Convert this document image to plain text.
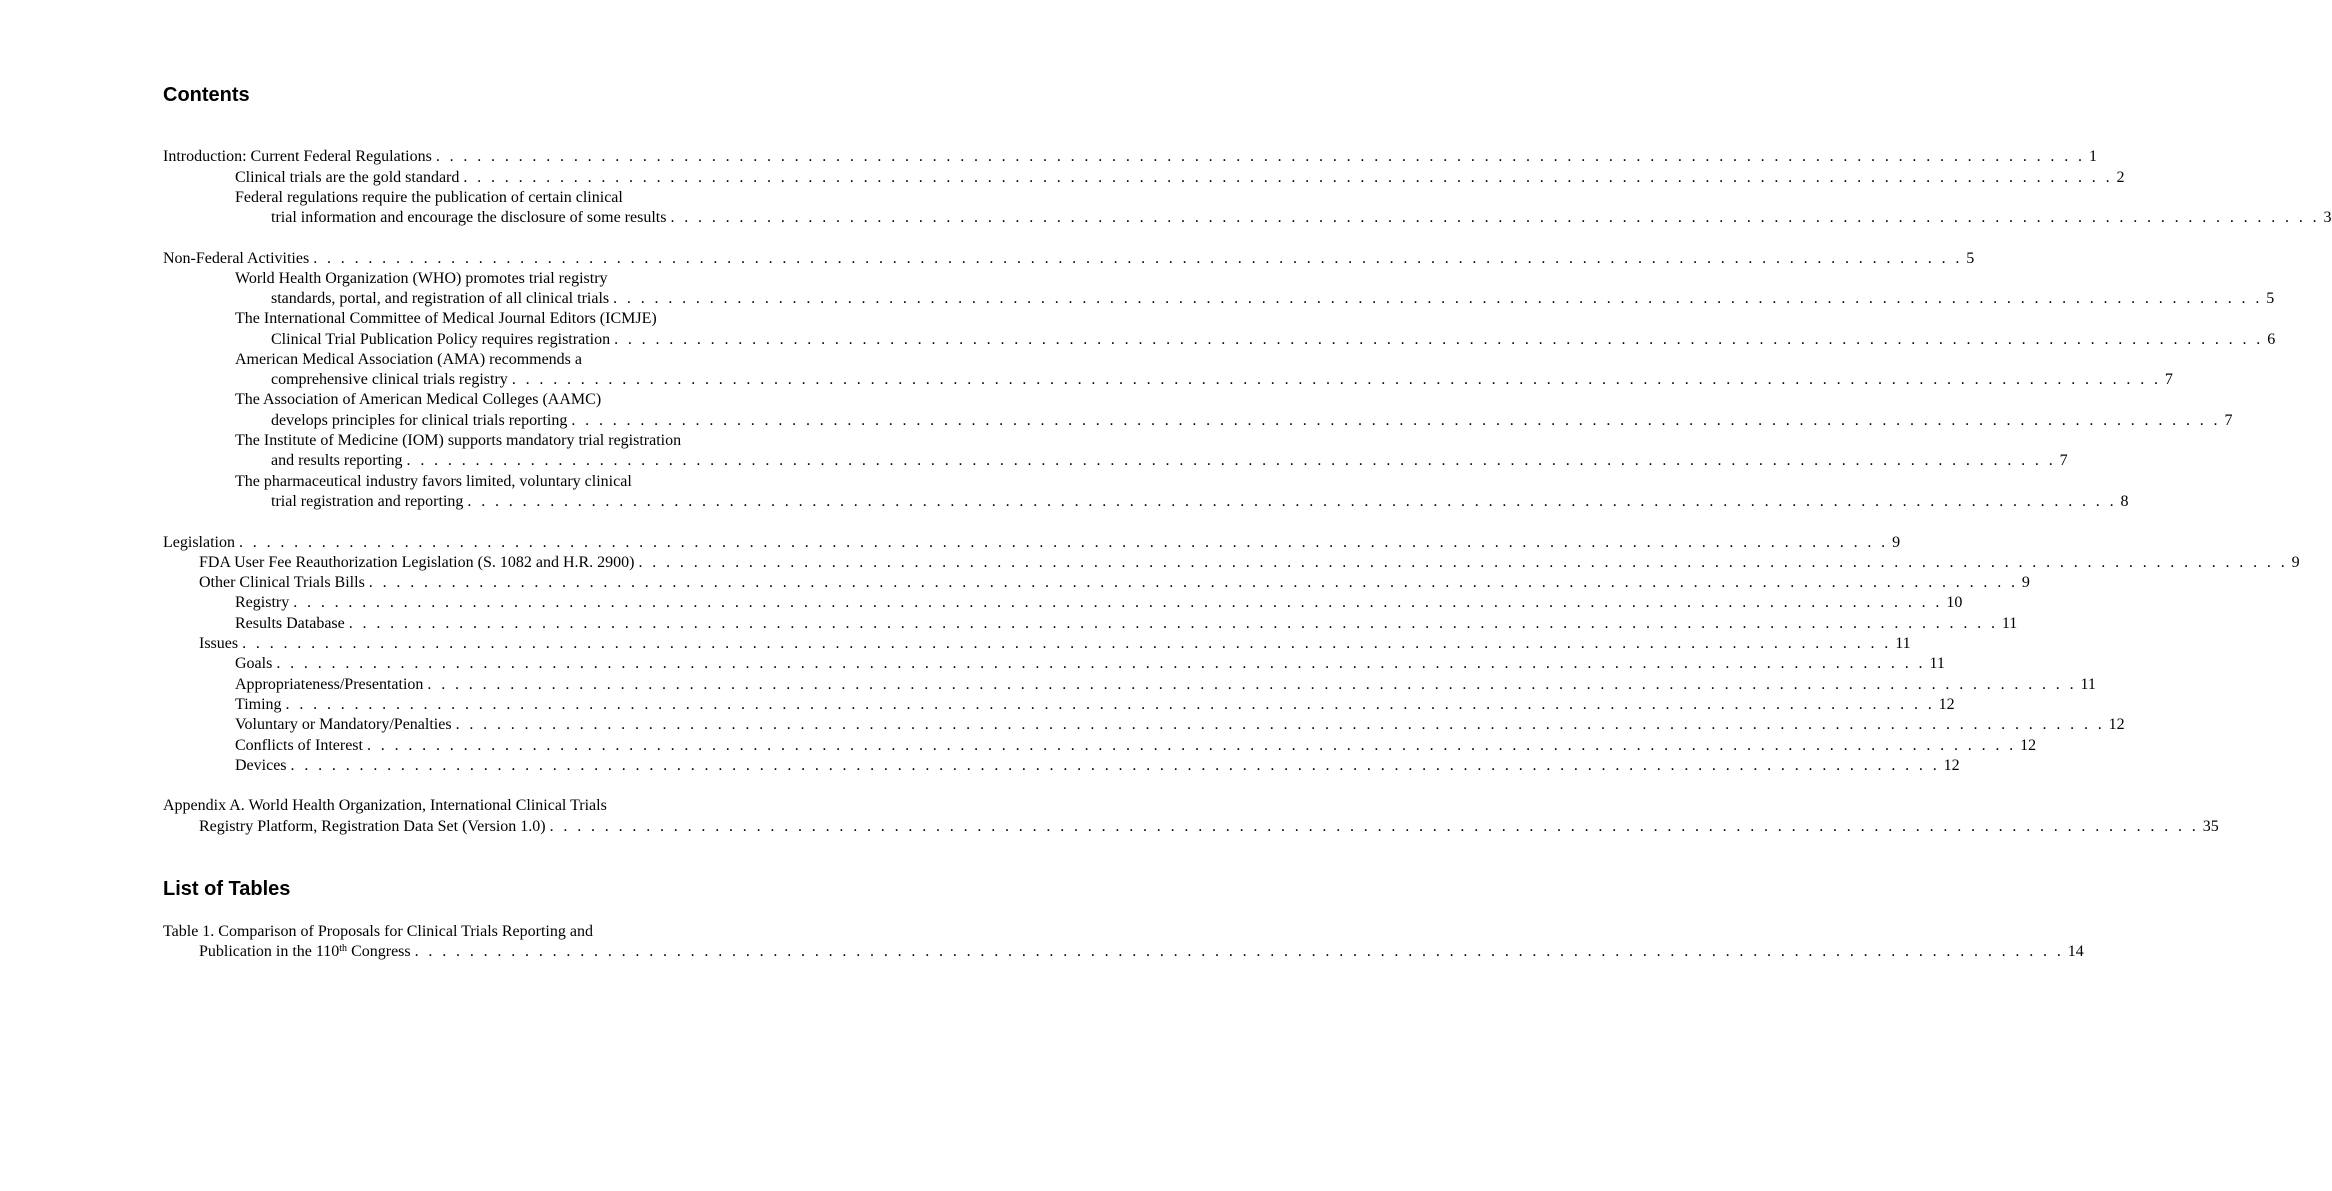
Contents
Introduction: Current Federal Regulations . . . . . . . . . . . . . . . . . . . . . . . . . . . . . . . . . . . . . . . . . . . . . . . . . . . . . . . . . . . . . . . . . . . . . . . . . . . . . . . . . . . . . . . . . . . . . . . . . . . . . . . . . . . . . . . . . . . . . . . . 1
Clinical trials are the gold standard . . . . . . . . . . . . . . . . . . . . . . . . . . . . . . . . . . . . . . . . . . . . . . . . . . . . . . . . . . . . . . . . . . . . . . . . . . . . . . . . . . . . . . . . . . . . . . . . . . . . . . . . . . . . . . . . . . . . . . . . 2
Federal regulations require the publication of certain clinical
trial information and encourage the disclosure of some results . . . . . . . . . . . . . . . . . . . . . . . . . . . . . . . . . . . . . . . . . . . . . . . . . . . . . . . . . . . . . . . . . . . . . . . . . . . . . . . . . . . . . . . . . . . . . . . . . . . . . . . . . . . . . . . . . . . . . . . . 3
Non-Federal Activities . . . . . . . . . . . . . . . . . . . . . . . . . . . . . . . . . . . . . . . . . . . . . . . . . . . . . . . . . . . . . . . . . . . . . . . . . . . . . . . . . . . . . . . . . . . . . . . . . . . . . . . . . . . . . . . . . . . . . . . . 5
World Health Organization (WHO) promotes trial registry
standards, portal, and registration of all clinical trials . . . . . . . . . . . . . . . . . . . . . . . . . . . . . . . . . . . . . . . . . . . . . . . . . . . . . . . . . . . . . . . . . . . . . . . . . . . . . . . . . . . . . . . . . . . . . . . . . . . . . . . . . . . . . . . . . . . . . . . . 5
The International Committee of Medical Journal Editors (ICMJE)
Clinical Trial Publication Policy requires registration . . . . . . . . . . . . . . . . . . . . . . . . . . . . . . . . . . . . . . . . . . . . . . . . . . . . . . . . . . . . . . . . . . . . . . . . . . . . . . . . . . . . . . . . . . . . . . . . . . . . . . . . . . . . . . . . . . . . . . . . 6
American Medical Association (AMA) recommends a
comprehensive clinical trials registry . . . . . . . . . . . . . . . . . . . . . . . . . . . . . . . . . . . . . . . . . . . . . . . . . . . . . . . . . . . . . . . . . . . . . . . . . . . . . . . . . . . . . . . . . . . . . . . . . . . . . . . . . . . . . . . . . . . . . . . . 7
The Association of American Medical Colleges (AAMC)
develops principles for clinical trials reporting . . . . . . . . . . . . . . . . . . . . . . . . . . . . . . . . . . . . . . . . . . . . . . . . . . . . . . . . . . . . . . . . . . . . . . . . . . . . . . . . . . . . . . . . . . . . . . . . . . . . . . . . . . . . . . . . . . . . . . . . 7
The Institute of Medicine (IOM) supports mandatory trial registration
and results reporting . . . . . . . . . . . . . . . . . . . . . . . . . . . . . . . . . . . . . . . . . . . . . . . . . . . . . . . . . . . . . . . . . . . . . . . . . . . . . . . . . . . . . . . . . . . . . . . . . . . . . . . . . . . . . . . . . . . . . . . . 7
The pharmaceutical industry favors limited, voluntary clinical
trial registration and reporting . . . . . . . . . . . . . . . . . . . . . . . . . . . . . . . . . . . . . . . . . . . . . . . . . . . . . . . . . . . . . . . . . . . . . . . . . . . . . . . . . . . . . . . . . . . . . . . . . . . . . . . . . . . . . . . . . . . . . . . . 8
Legislation . . . . . . . . . . . . . . . . . . . . . . . . . . . . . . . . . . . . . . . . . . . . . . . . . . . . . . . . . . . . . . . . . . . . . . . . . . . . . . . . . . . . . . . . . . . . . . . . . . . . . . . . . . . . . . . . . . . . . . . . 9
FDA User Fee Reauthorization Legislation (S. 1082 and H.R. 2900) . . . . . . . . . . . . . . . . . . . . . . . . . . . . . . . . . . . . . . . . . . . . . . . . . . . . . . . . . . . . . . . . . . . . . . . . . . . . . . . . . . . . . . . . . . . . . . . . . . . . . . . . . . . . . . . . . . . . . . . . 9
Other Clinical Trials Bills . . . . . . . . . . . . . . . . . . . . . . . . . . . . . . . . . . . . . . . . . . . . . . . . . . . . . . . . . . . . . . . . . . . . . . . . . . . . . . . . . . . . . . . . . . . . . . . . . . . . . . . . . . . . . . . . . . . . . . . . 9
Registry . . . . . . . . . . . . . . . . . . . . . . . . . . . . . . . . . . . . . . . . . . . . . . . . . . . . . . . . . . . . . . . . . . . . . . . . . . . . . . . . . . . . . . . . . . . . . . . . . . . . . . . . . . . . . . . . . . . . . . . . 10
Results Database . . . . . . . . . . . . . . . . . . . . . . . . . . . . . . . . . . . . . . . . . . . . . . . . . . . . . . . . . . . . . . . . . . . . . . . . . . . . . . . . . . . . . . . . . . . . . . . . . . . . . . . . . . . . . . . . . . . . . . . . 11
Issues . . . . . . . . . . . . . . . . . . . . . . . . . . . . . . . . . . . . . . . . . . . . . . . . . . . . . . . . . . . . . . . . . . . . . . . . . . . . . . . . . . . . . . . . . . . . . . . . . . . . . . . . . . . . . . . . . . . . . . . . 11
Goals . . . . . . . . . . . . . . . . . . . . . . . . . . . . . . . . . . . . . . . . . . . . . . . . . . . . . . . . . . . . . . . . . . . . . . . . . . . . . . . . . . . . . . . . . . . . . . . . . . . . . . . . . . . . . . . . . . . . . . . . 11
Appropriateness/Presentation . . . . . . . . . . . . . . . . . . . . . . . . . . . . . . . . . . . . . . . . . . . . . . . . . . . . . . . . . . . . . . . . . . . . . . . . . . . . . . . . . . . . . . . . . . . . . . . . . . . . . . . . . . . . . . . . . . . . . . . . 11
Timing . . . . . . . . . . . . . . . . . . . . . . . . . . . . . . . . . . . . . . . . . . . . . . . . . . . . . . . . . . . . . . . . . . . . . . . . . . . . . . . . . . . . . . . . . . . . . . . . . . . . . . . . . . . . . . . . . . . . . . . . 12
Voluntary or Mandatory/Penalties . . . . . . . . . . . . . . . . . . . . . . . . . . . . . . . . . . . . . . . . . . . . . . . . . . . . . . . . . . . . . . . . . . . . . . . . . . . . . . . . . . . . . . . . . . . . . . . . . . . . . . . . . . . . . . . . . . . . . . . . 12
Conflicts of Interest . . . . . . . . . . . . . . . . . . . . . . . . . . . . . . . . . . . . . . . . . . . . . . . . . . . . . . . . . . . . . . . . . . . . . . . . . . . . . . . . . . . . . . . . . . . . . . . . . . . . . . . . . . . . . . . . . . . . . . . . 12
Devices . . . . . . . . . . . . . . . . . . . . . . . . . . . . . . . . . . . . . . . . . . . . . . . . . . . . . . . . . . . . . . . . . . . . . . . . . . . . . . . . . . . . . . . . . . . . . . . . . . . . . . . . . . . . . . . . . . . . . . . . 12
Appendix A. World Health Organization, International Clinical Trials
Registry Platform, Registration Data Set (Version 1.0) . . . . . . . . . . . . . . . . . . . . . . . . . . . . . . . . . . . . . . . . . . . . . . . . . . . . . . . . . . . . . . . . . . . . . . . . . . . . . . . . . . . . . . . . . . . . . . . . . . . . . . . . . . . . . . . . . . . . . . . . 35
List of Tables
Table 1. Comparison of Proposals for Clinical Trials Reporting and
Publication in the 110th Congress . . . . . . . . . . . . . . . . . . . . . . . . . . . . . . . . . . . . . . . . . . . . . . . . . . . . . . . . . . . . . . . . . . . . . . . . . . . . . . . . . . . . . . . . . . . . . . . . . . . . . . . . . . . . . . . . . . . . . . . . 14
